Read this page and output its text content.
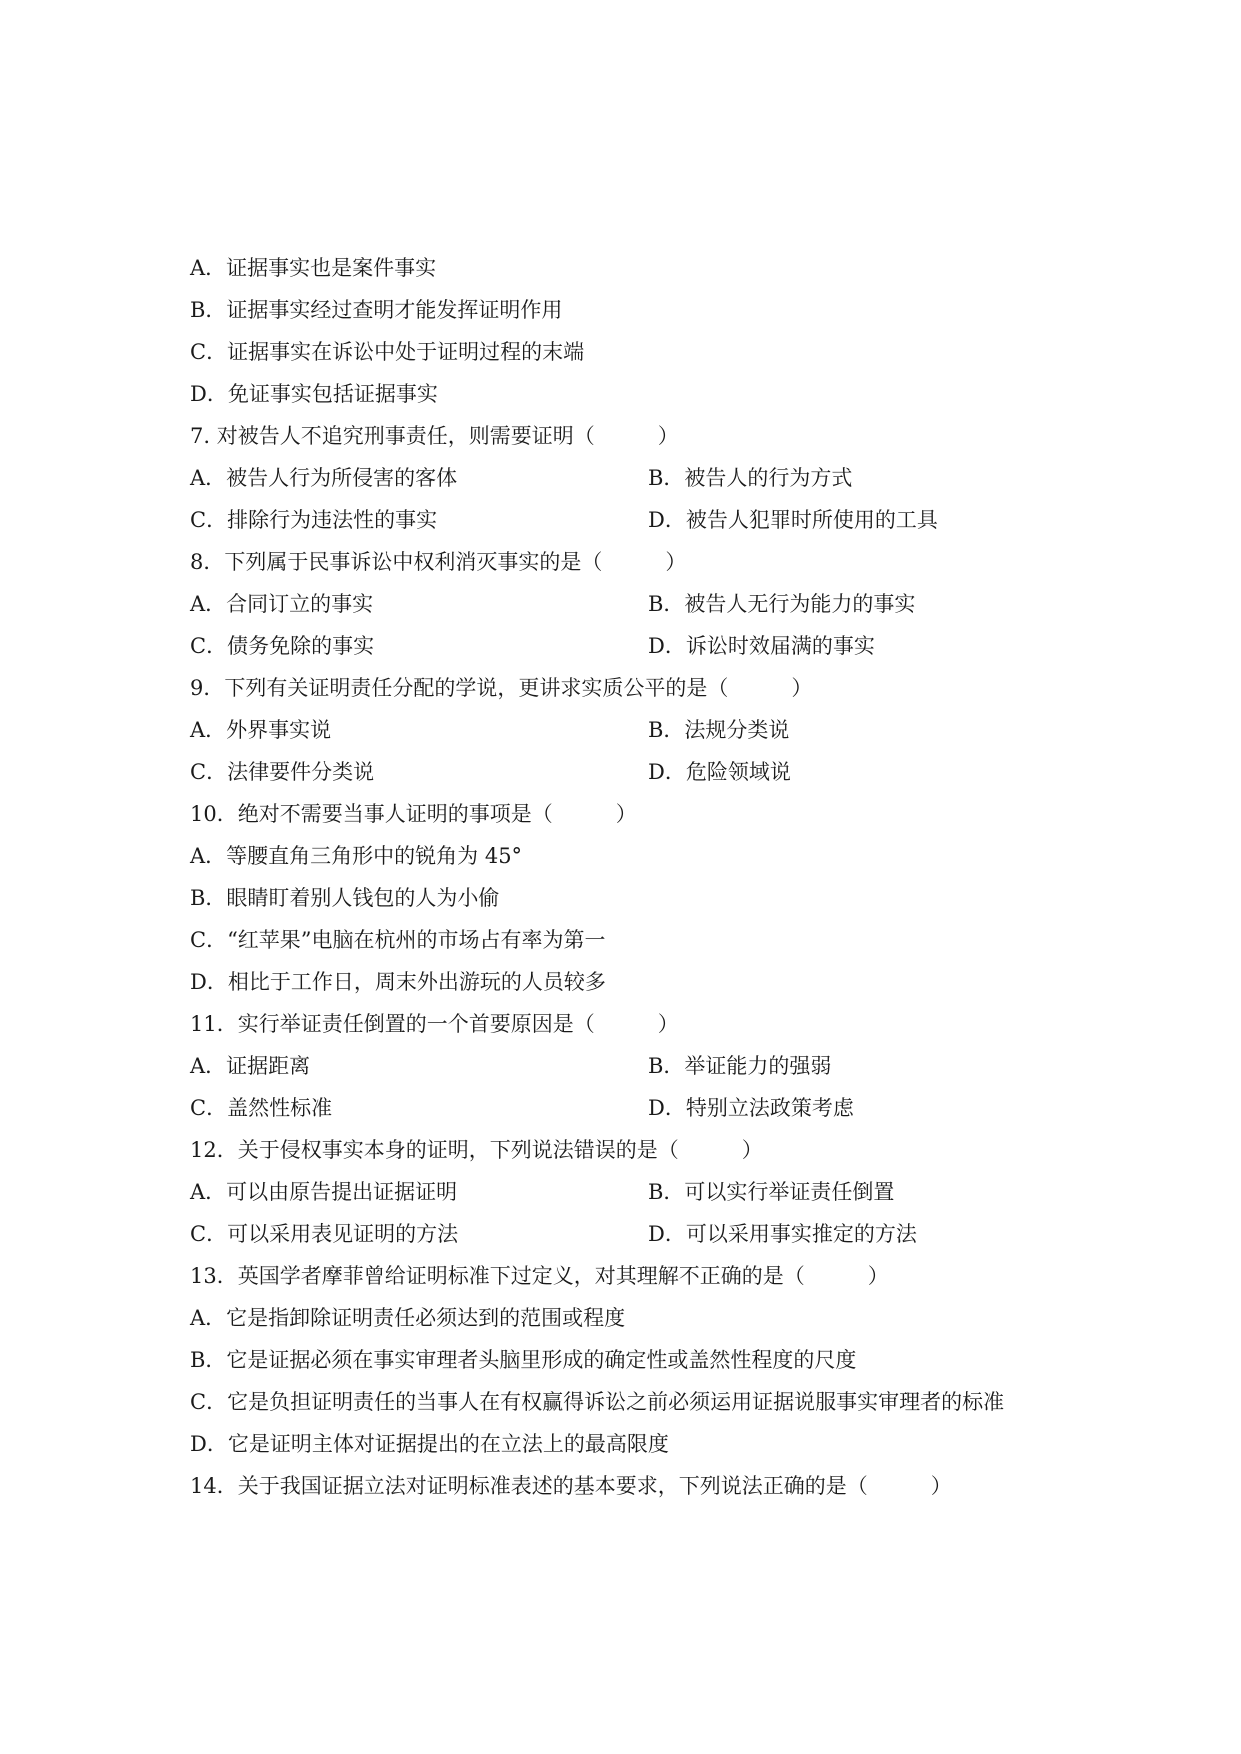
A．证据事实也是案件事实
B．证据事实经过查明才能发挥证明作用
C．证据事实在诉讼中处于证明过程的末端
D．免证事实包括证据事实
7. 对被告人不追究刑事责任，则需要证明（　　　）
A．被告人行为所侵害的客体	B．被告人的行为方式
C．排除行为违法性的事实	D．被告人犯罪时所使用的工具
8．下列属于民事诉讼中权利消灭事实的是（　　　）
A．合同订立的事实	B．被告人无行为能力的事实
C．债务免除的事实	D．诉讼时效届满的事实
9．下列有关证明责任分配的学说，更讲求实质公平的是（　　　）
A．外界事实说	B．法规分类说
C．法律要件分类说	D．危险领域说
10．绝对不需要当事人证明的事项是（　　　）
A．等腰直角三角形中的锐角为 45°
B．眼睛盯着别人钱包的人为小偷
C．“红苹果”电脑在杭州的市场占有率为第一
D．相比于工作日，周末外出游玩的人员较多
11．实行举证责任倒置的一个首要原因是（　　　）
A．证据距离	B．举证能力的强弱
C．盖然性标准	D．特别立法政策考虑
12．关于侵权事实本身的证明，下列说法错误的是（　　　）
A．可以由原告提出证据证明	B．可以实行举证责任倒置
C．可以采用表见证明的方法	D．可以采用事实推定的方法
13．英国学者摩菲曾给证明标准下过定义，对其理解不正确的是（　　　）
A．它是指卸除证明责任必须达到的范围或程度
B．它是证据必须在事实审理者头脑里形成的确定性或盖然性程度的尺度
C．它是负担证明责任的当事人在有权赢得诉讼之前必须运用证据说服事实审理者的标准
D．它是证明主体对证据提出的在立法上的最高限度
14．关于我国证据立法对证明标准表述的基本要求，下列说法正确的是（　　　）
